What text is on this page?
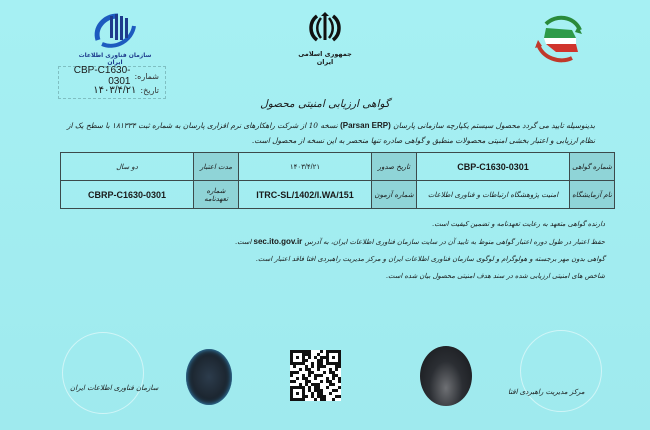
سازمان فناوری اطلاعات ایران
جمهوری اسلامی ایران
شماره:
CBP-C1630-0301
تاریخ:
۱۴۰۳/۴/۲۱
گواهی ارزیابی امنیتی محصول
بدینوسیله تایید می گردد محصول سیستم یکپارچه سازمانی پارسان (Parsan ERP) نسخه 10 از شرکت راهکارهای نرم افزاری پارسان به شماره ثبت ۱۸۱۳۳۴ با سطح یک از نظام ارزیابی و اعتبار بخشی امنیتی محصولات منطبق و گواهی صادره تنها منحصر به این نسخه از محصول است.
شماره گواهی	CBP-C1630-0301	تاریخ صدور	۱۴۰۳/۴/۲۱	مدت اعتبار	دو سال
نام آزمایشگاه	امنیت پژوهشگاه ارتباطات و فناوری اطلاعات	شماره آزمون	ITRC-SL/1402/I.WA/151	شماره تعهدنامه	CBRP-C1630-0301
دارنده گواهی متعهد به رعایت تعهدنامه و تضمین کیفیت است.
حفظ اعتبار در طول دوره اعتبار گواهی منوط به تایید آن در سایت سازمان فناوری اطلاعات ایران، به آدرس sec.ito.gov.ir است.
گواهی بدون مهر برجسته و هولوگرام و لوگوی سازمان فناوری اطلاعات ایران و مرکز مدیریت راهبردی افتا فاقد اعتبار است.
شاخص های امنیتی ارزیابی شده در سند هدف امنیتی محصول بیان شده است.
سازمان فناوری اطلاعات ایران	مرکز مدیریت راهبردی افتا
